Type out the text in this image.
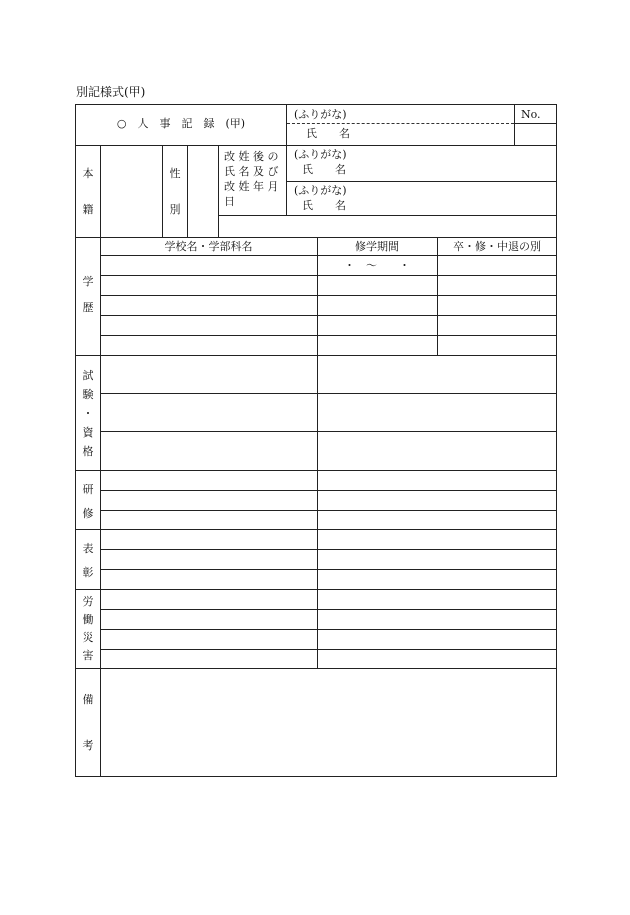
別記様式(甲)
○　人　事　記　録　(甲)
(ふりがな)
氏　　名
No.
本
籍
性
別
改 姓 後 の
氏 名 及 び
改 姓 年 月
日
(ふりがな)
氏　　名
(ふりがな)
氏　　名
学校名・学部科名	修学期間	卒・修・中退の別
・　～　　・
学
歴
試
験
・
資
格
研
修
表
彰
労
働
災
害
備
考
